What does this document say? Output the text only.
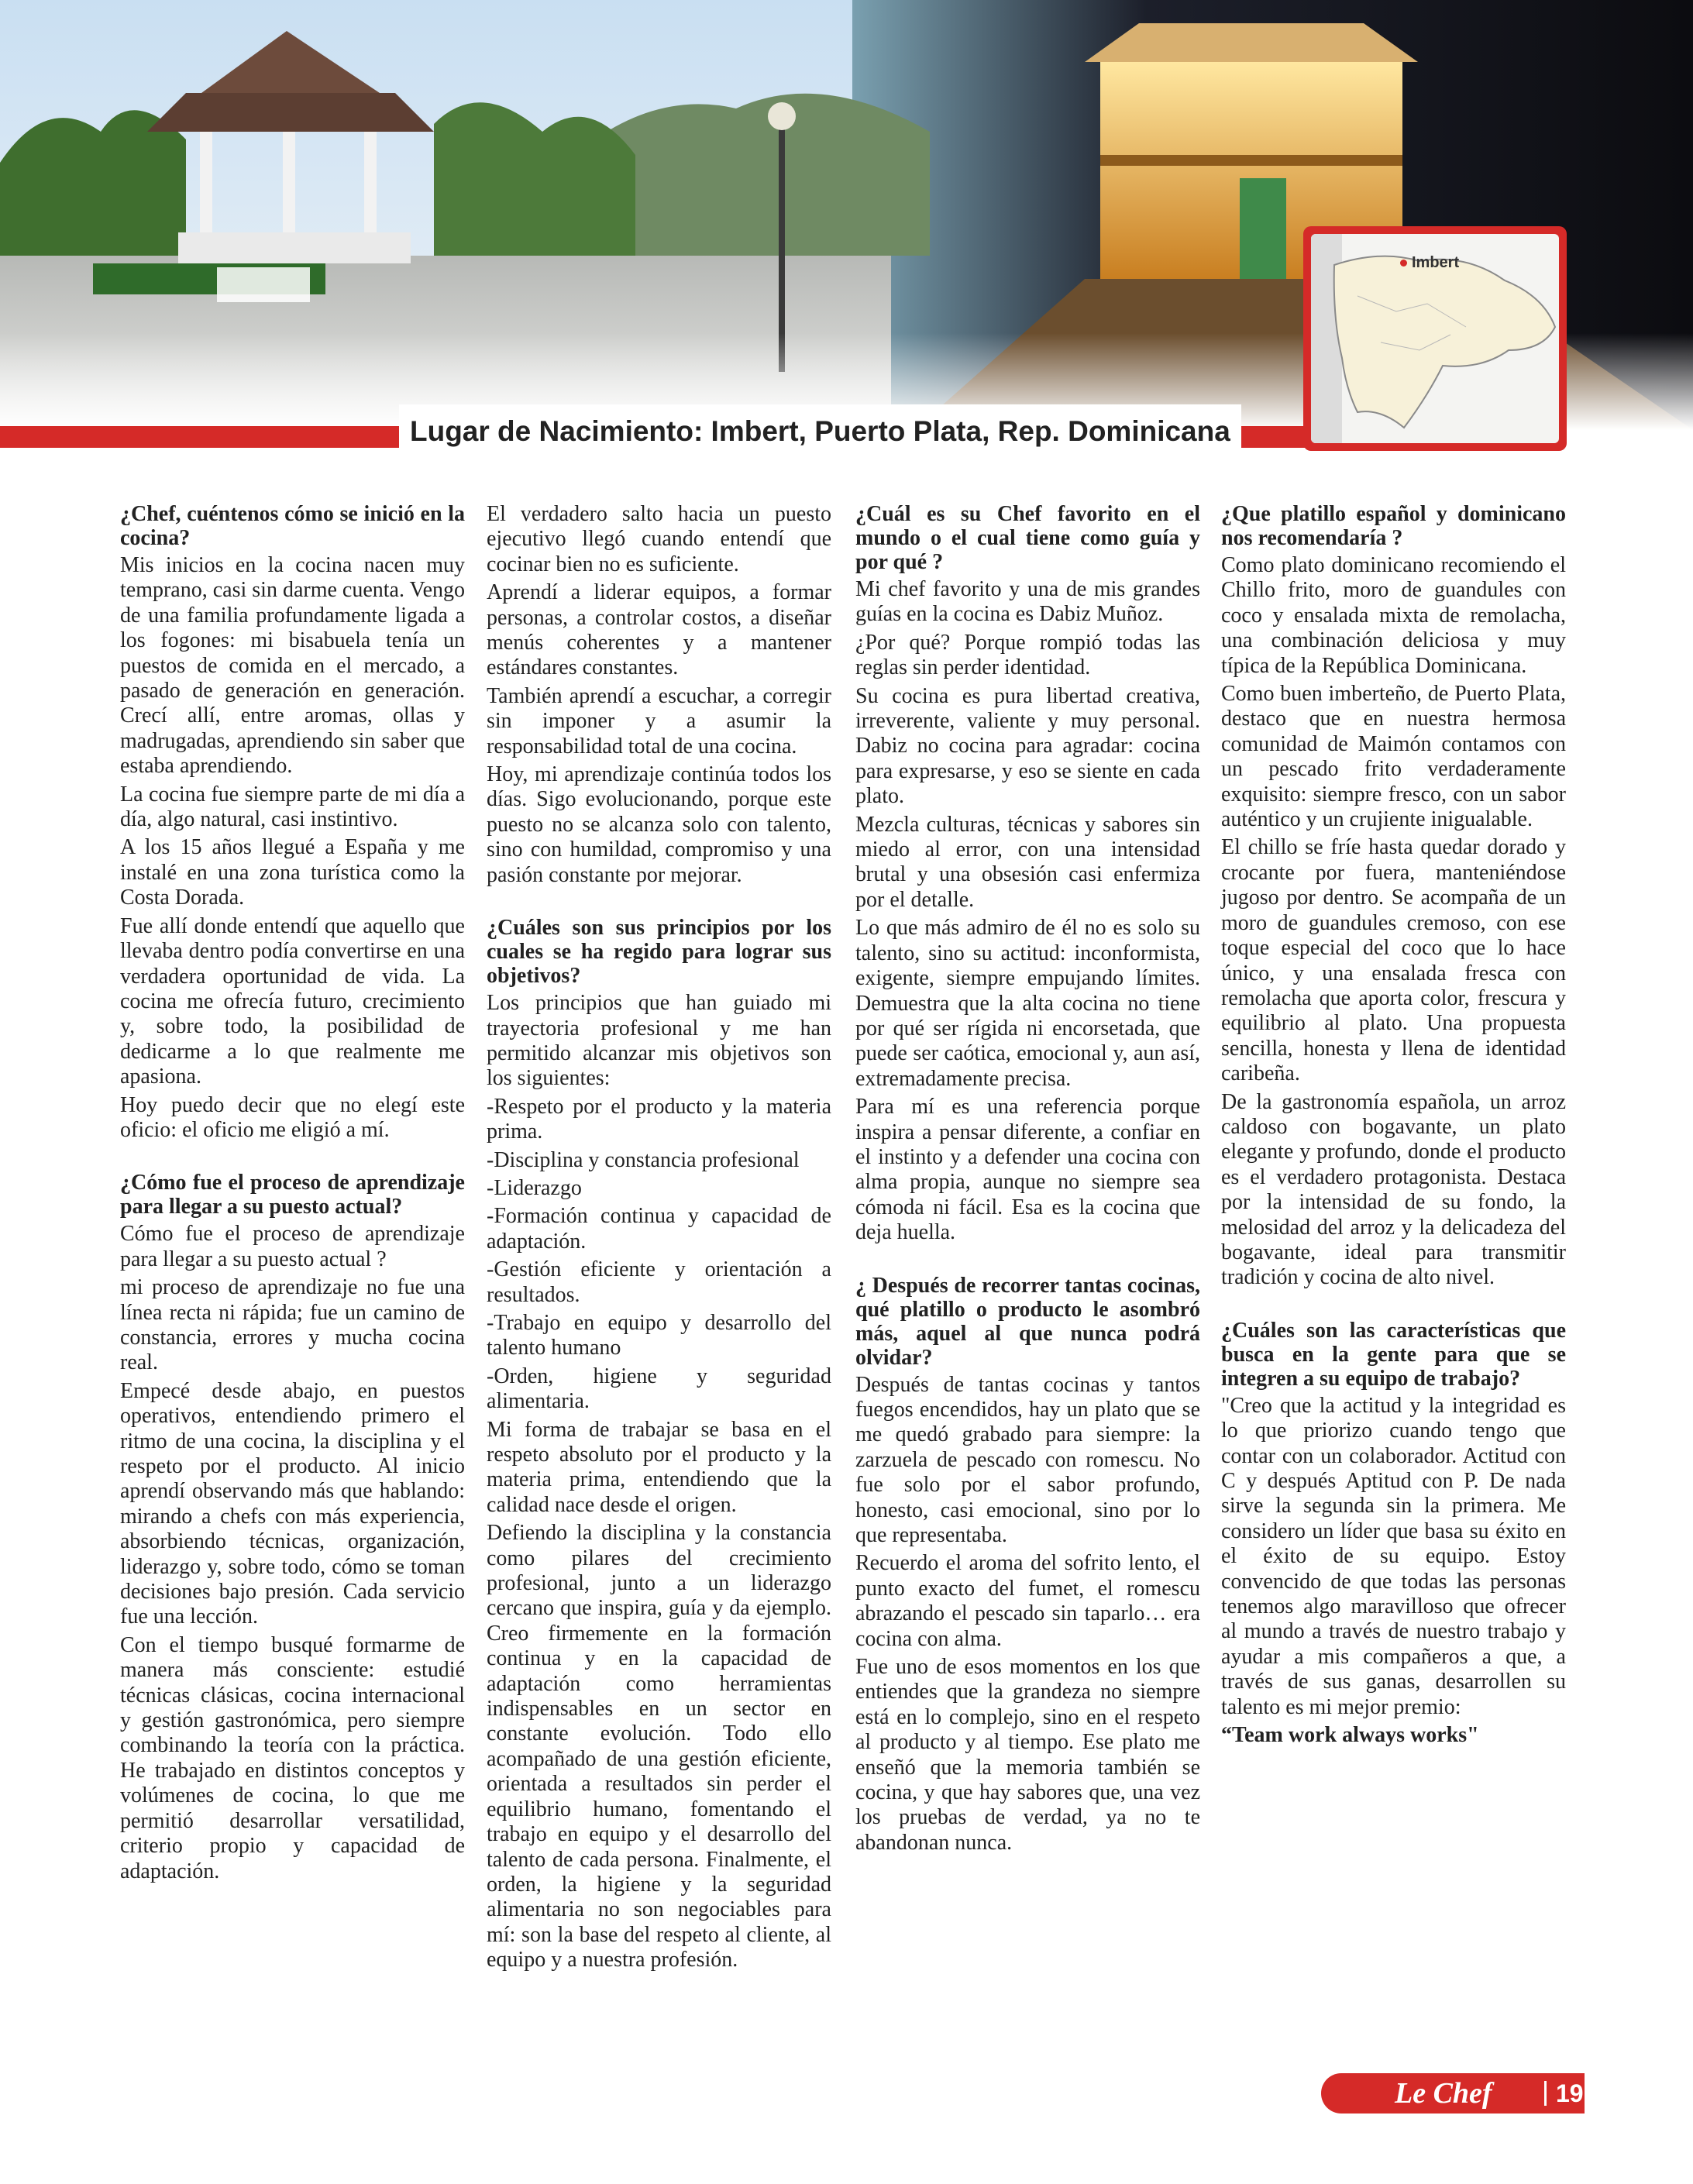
Lugar de Nacimiento: Imbert, Puerto Plata, Rep. Dominicana
Imbert
¿Chef, cuéntenos cómo se inició en la cocina?

Mis inicios en la cocina nacen muy temprano, casi sin darme cuenta. Vengo de una familia profundamente ligada a los fogones: mi bisabuela tenía un puestos de comida en el mercado, a pasado de generación en generación. Crecí allí, entre aromas, ollas y madrugadas, aprendiendo sin saber que estaba aprendiendo.

La cocina fue siempre parte de mi día a día, algo natural, casi instintivo.

A los 15 años llegué a España y me instalé en una zona turística como la Costa Dorada.

Fue allí donde entendí que aquello que llevaba dentro podía convertirse en una verdadera oportunidad de vida. La cocina me ofrecía futuro, crecimiento y, sobre todo, la posibilidad de dedicarme a lo que realmente me apasiona.

Hoy puedo decir que no elegí este oficio: el oficio me eligió a mí.

¿Cómo fue el proceso de aprendizaje para llegar a su puesto actual?

Cómo fue el proceso de aprendizaje para llegar a su puesto actual ?

mi proceso de aprendizaje no fue una línea recta ni rápida; fue un camino de constancia, errores y mucha cocina real.

Empecé desde abajo, en puestos operativos, entendiendo primero el ritmo de una cocina, la disciplina y el respeto por el producto. Al inicio aprendí observando más que hablando: mirando a chefs con más experiencia, absorbiendo técnicas, organización, liderazgo y, sobre todo, cómo se toman decisiones bajo presión. Cada servicio fue una lección.

Con el tiempo busqué formarme de manera más consciente: estudié técnicas clásicas, cocina internacional y gestión gastronómica, pero siempre combinando la teoría con la práctica. He trabajado en distintos conceptos y volúmenes de cocina, lo que me permitió desarrollar versatilidad, criterio propio y capacidad de adaptación.

El verdadero salto hacia un puesto ejecutivo llegó cuando entendí que cocinar bien no es suficiente.

Aprendí a liderar equipos, a formar personas, a controlar costos, a diseñar menús coherentes y a mantener estándares constantes.

También aprendí a escuchar, a corregir sin imponer y a asumir la responsabilidad total de una cocina.

Hoy, mi aprendizaje continúa todos los días. Sigo evolucionando, porque este puesto no se alcanza solo con talento, sino con humildad, compromiso y una pasión constante por mejorar.

¿Cuáles son sus principios por los cuales se ha regido para lograr sus objetivos?

Los principios que han guiado mi trayectoria profesional y me han permitido alcanzar mis objetivos son los siguientes:

-Respeto por el producto y la materia prima.

-Disciplina y constancia profesional

-Liderazgo

-Formación continua y capacidad de adaptación.

-Gestión eficiente y orientación a resultados.

-Trabajo en equipo y desarrollo del talento humano

-Orden, higiene y seguridad alimentaria.

Mi forma de trabajar se basa en el respeto absoluto por el producto y la materia prima, entendiendo que la calidad nace desde el origen.

Defiendo la disciplina y la constancia como pilares del crecimiento profesional, junto a un liderazgo cercano que inspira, guía y da ejemplo. Creo firmemente en la formación continua y en la capacidad de adaptación como herramientas indispensables en un sector en constante evolución. Todo ello acompañado de una gestión eficiente, orientada a resultados sin perder el equilibrio humano, fomentando el trabajo en equipo y el desarrollo del talento de cada persona. Finalmente, el orden, la higiene y la seguridad alimentaria no son negociables para mí: son la base del respeto al cliente, al equipo y a nuestra profesión.

¿Cuál es su Chef favorito en el mundo o el cual tiene como guía y por qué ?

Mi chef favorito y una de mis grandes guías en la cocina es Dabiz Muñoz.

¿Por qué? Porque rompió todas las reglas sin perder identidad.

Su cocina es pura libertad creativa, irreverente, valiente y muy personal. Dabiz no cocina para agradar: cocina para expresarse, y eso se siente en cada plato.

Mezcla culturas, técnicas y sabores sin miedo al error, con una intensidad brutal y una obsesión casi enfermiza por el detalle.

Lo que más admiro de él no es solo su talento, sino su actitud: inconformista, exigente, siempre empujando límites. Demuestra que la alta cocina no tiene por qué ser rígida ni encorsetada, que puede ser caótica, emocional y, aun así, extremadamente precisa.

Para mí es una referencia porque inspira a pensar diferente, a confiar en el instinto y a defender una cocina con alma propia, aunque no siempre sea cómoda ni fácil. Esa es la cocina que deja huella.

¿ Después de recorrer tantas cocinas, qué platillo o producto le asombró más, aquel al que nunca podrá olvidar?

Después de tantas cocinas y tantos fuegos encendidos, hay un plato que se me quedó grabado para siempre: la zarzuela de pescado con romescu. No fue solo por el sabor profundo, honesto, casi emocional, sino por lo que representaba.

Recuerdo el aroma del sofrito lento, el punto exacto del fumet, el romescu abrazando el pescado sin taparlo… era cocina con alma.

Fue uno de esos momentos en los que entiendes que la grandeza no siempre está en lo complejo, sino en el respeto al producto y al tiempo. Ese plato me enseñó que la memoria también se cocina, y que hay sabores que, una vez los pruebas de verdad, ya no te abandonan nunca.

¿Que platillo español y dominicano nos recomendaría ?

Como plato dominicano recomiendo el Chillo frito, moro de guandules con coco y ensalada mixta de remolacha, una combinación deliciosa y muy típica de la República Dominicana.

Como buen imberteño, de Puerto Plata, destaco que en nuestra hermosa comunidad de Maimón contamos con un pescado frito verdaderamente exquisito: siempre fresco, con un sabor auténtico y un crujiente inigualable.

El chillo se fríe hasta quedar dorado y crocante por fuera, manteniéndose jugoso por dentro. Se acompaña de un moro de guandules cremoso, con ese toque especial del coco que lo hace único, y una ensalada fresca con remolacha que aporta color, frescura y equilibrio al plato. Una propuesta sencilla, honesta y llena de identidad caribeña.

De la gastronomía española, un arroz caldoso con bogavante, un plato elegante y profundo, donde el producto es el verdadero protagonista. Destaca por la intensidad de su fondo, la melosidad del arroz y la delicadeza del bogavante, ideal para transmitir tradición y cocina de alto nivel.

¿Cuáles son las características que busca en la gente para que se integren a su equipo de trabajo?

"Creo que la actitud y la integridad es lo que priorizo cuando tengo que contar con un colaborador. Actitud con C y después Aptitud con P. De nada sirve la segunda sin la primera. Me considero un líder que basa su éxito en el éxito de su equipo. Estoy convencido de que todas las personas tenemos algo maravilloso que ofrecer al mundo a través de nuestro trabajo y ayudar a mis compañeros a que, a través de sus ganas, desarrollen su talento es mi mejor premio:

“Team work always works"

Le Chef	19
